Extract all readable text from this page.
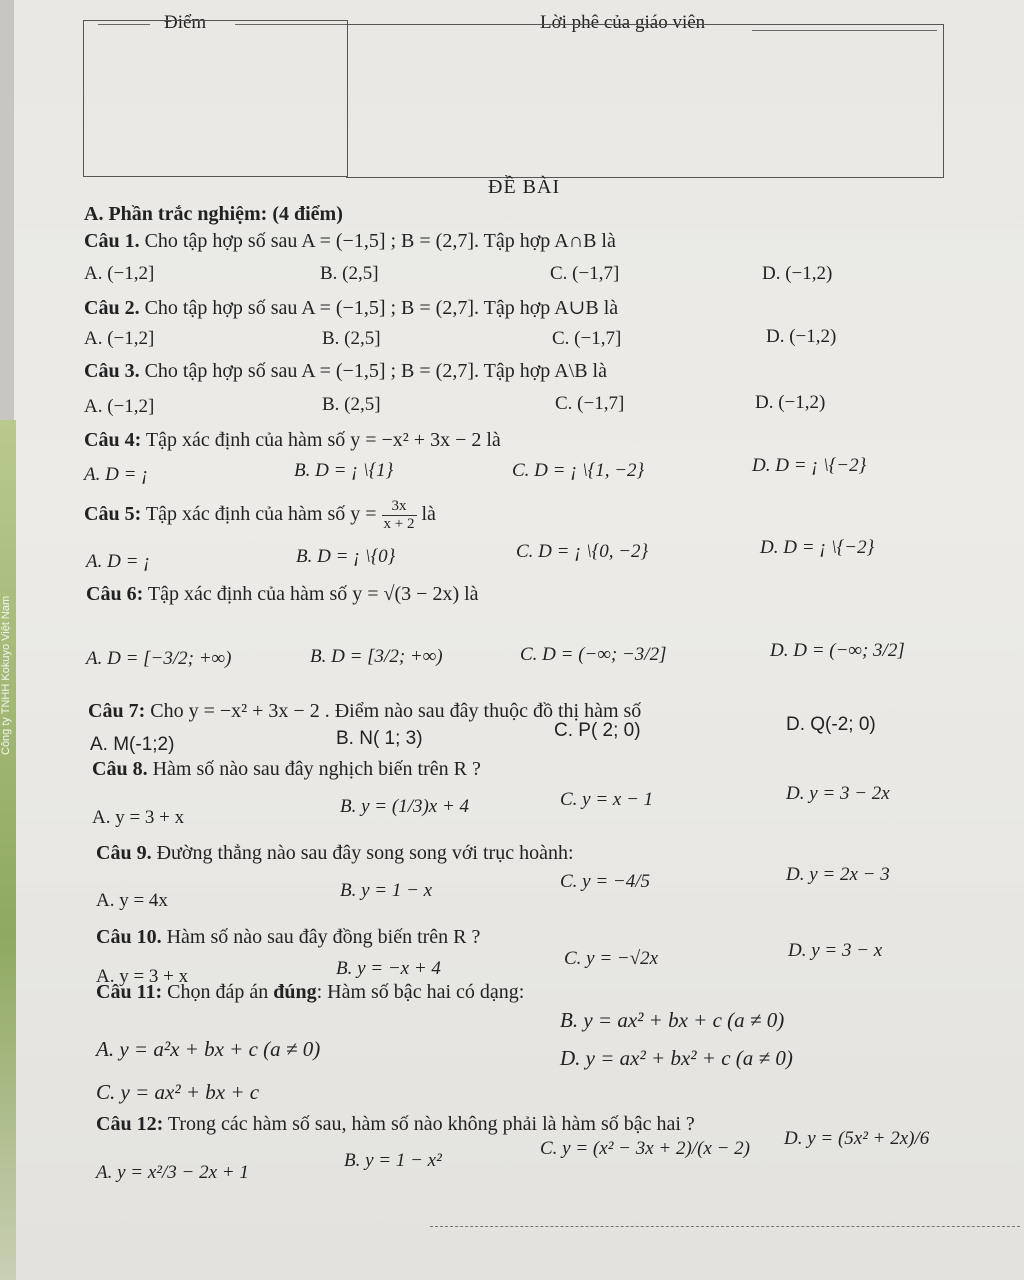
Công ty TNHH Kokuyo Việt Nam
Điểm	Lời phê của giáo viên
ĐỀ BÀI
A. Phần trắc nghiệm: (4 điểm)
Câu 1. Cho tập hợp số sau A = (−1,5] ; B = (2,7]. Tập hợp A∩B là
A. (−1,2]	B. (2,5]	C. (−1,7]	D. (−1,2)
Câu 2. Cho tập hợp số sau A = (−1,5] ; B = (2,7]. Tập hợp A∪B là
A. (−1,2]	B. (2,5]	C. (−1,7]	D. (−1,2)
Câu 3. Cho tập hợp số sau A = (−1,5] ; B = (2,7]. Tập hợp A\B là
A. (−1,2]	B. (2,5]	C. (−1,7]	D. (−1,2)
Câu 4: Tập xác định của hàm số y = −x² + 3x − 2 là
A. D = ¡	B. D = ¡ \{1}	C. D = ¡ \{1, −2}	D. D = ¡ \{−2}
Câu 5: Tập xác định của hàm số $y = \frac{3x}{x + 2}$ là
A. D = ¡	B. D = ¡ \{0}	C. D = ¡ \{0, −2}	D. D = ¡ \{−2}
Câu 6: Tập xác định của hàm số y = √(3 − 2x) là
A. D = [−3/2; +∞)	B. D = [3/2; +∞)	C. D = (−∞; −3/2]	D. D = (−∞; 3/2]
Câu 7: Cho y = −x² + 3x − 2 . Điểm nào sau đây thuộc đồ thị hàm số
A. M(-1;2)	B. N( 1; 3)	C. P( 2; 0)	D. Q(-2; 0)
Câu 8. Hàm số nào sau đây nghịch biến trên R ?
A. y = 3 + x
B. y = (1/3)x + 4	C. y = x − 1	D. y = 3 − 2x
Câu 9. Đường thẳng nào sau đây song song với trục hoành:
A. y = 4x	B. y = 1 − x	C. y = −4/5	D. y = 2x − 3
Câu 10. Hàm số nào sau đây đồng biến trên R ?
A. y = 3 + x	B. y = −x + 4	C. y = −√2x	D. y = 3 − x
Câu 11: Chọn đáp án đúng: Hàm số bậc hai có dạng:
A. y = a²x + bx + c (a ≠ 0)
B. y = ax² + bx + c (a ≠ 0)
C. y = ax² + bx + c
D. y = ax² + bx² + c (a ≠ 0)
Câu 12: Trong các hàm số sau, hàm số nào không phải là hàm số bậc hai ?
A. y = x²/3 − 2x + 1
B. y = 1 − x²
C. y = (x² − 3x + 2)/(x − 2) D. y = (5x² + 2x)/6
